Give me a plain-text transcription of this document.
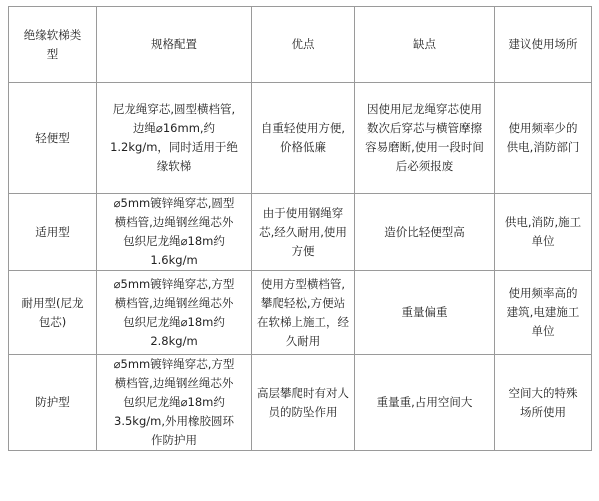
绝缘软梯类
型	规格配置	优点	缺点	建议使用场所
轻便型	尼龙绳穿芯,圆型横档管,
边绳⌀16mm,约
1.2kg/m，同时适用于绝
缘软梯	自重轻使用方便,
价格低廉	因使用尼龙绳穿芯使用
数次后穿芯与横管摩擦
容易磨断,使用一段时间
后必须报废	使用频率少的
供电,消防部门

适用型	⌀5mm镀锌绳穿芯,圆型
横档管,边绳钢丝绳芯外
包织尼龙绳⌀18m约
1.6kg/m	由于使用钢绳穿
芯,经久耐用,使用
方便	造价比轻便型高	供电,消防,施工
单位

耐用型(尼龙
包芯)	⌀5mm镀锌绳穿芯,方型
横档管,边绳钢丝绳芯外
包织尼龙绳⌀18m约
2.8kg/m	使用方型横档管,
攀爬轻松,方便站
在软梯上施工，经
久耐用	重量偏重	使用频率高的
建筑,电建施工
单位

防护型	⌀5mm镀锌绳穿芯,方型
横档管,边绳钢丝绳芯外
包织尼龙绳⌀18m约
3.5kg/m,外用橡胶圆环
作防护用	高层攀爬时有对人
员的防坠作用	重量重,占用空间大	空间大的特殊
场所使用
